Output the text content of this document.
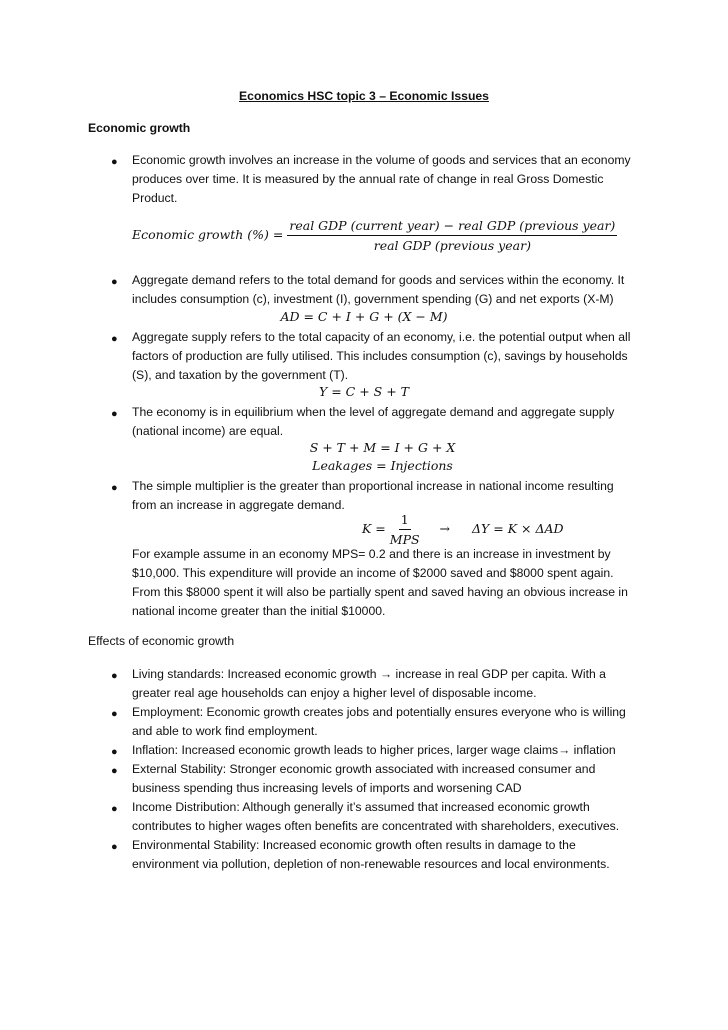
Economics HSC topic 3 – Economic Issues
Economic growth
● Economic growth involves an increase in the volume of goods and services that an economy produces over time. It is measured by the annual rate of change in real Gross Domestic Product.
Economic growth (%) = $\frac{\text{real GDP (current year) − real GDP (previous year)}}{\text{real GDP (previous year)}}$
● Aggregate demand refers to the total demand for goods and services within the economy. It includes consumption (c), investment (I), government spending (G) and net exports (X-M)
AD = C + I + G + (X − M)
● Aggregate supply refers to the total capacity of an economy, i.e. the potential output when all factors of production are fully utilised. This includes consumption (c), savings by households (S), and taxation by the government (T).
Y = C + S + T
● The economy is in equilibrium when the level of aggregate demand and aggregate supply (national income) are equal.
S + T + M = I + G + X
Leakages = Injections
● The simple multiplier is the greater than proportional increase in national income resulting from an increase in aggregate demand.
$K = \frac{1}{\text{MPS}} \to \Delta Y = K \times \Delta AD$
For example assume in an economy MPS= 0.2 and there is an increase in investment by $10,000. This expenditure will provide an income of $2000 saved and $8000 spent again. From this $8000 spent it will also be partially spent and saved having an obvious increase in national income greater than the initial $10000.
Effects of economic growth
● Living standards: Increased economic growth → increase in real GDP per capita. With a greater real age households can enjoy a higher level of disposable income.
● Employment: Economic growth creates jobs and potentially ensures everyone who is willing and able to work find employment.
● Inflation: Increased economic growth leads to higher prices, larger wage claims→ inflation
● External Stability: Stronger economic growth associated with increased consumer and business spending thus increasing levels of imports and worsening CAD
● Income Distribution: Although generally it’s assumed that increased economic growth contributes to higher wages often benefits are concentrated with shareholders, executives.
● Environmental Stability: Increased economic growth often results in damage to the environment via pollution, depletion of non-renewable resources and local environments.
